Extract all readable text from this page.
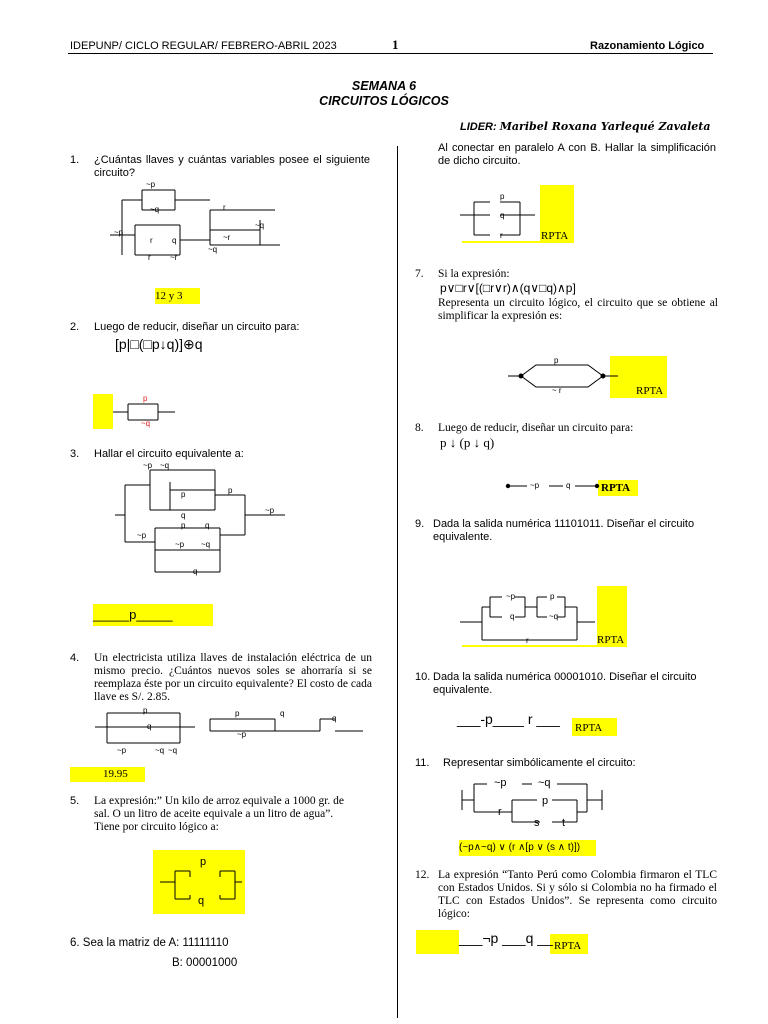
IDEPUNP/ CICLO REGULAR/ FEBRERO-ABRIL 2023	1	Razonamiento Lógico
SEMANA 6
CIRCUITOS LÓGICOS
LIDER: Maribel Roxana Yarlequé Zavaleta
1. ¿Cuántas llaves y cuántas variables posee el siguiente circuito?
~p
~q	r
~q
~p
r q	~r
r ~r
~q
12 y 3
2. Luego de reducir, diseñar un circuito para:
[p|□(□p↓q)]⊕q
p
~q
3. Hallar el circuito equivalente a:
~p ~q
p
q
p
~p
~p
p q
~p ~q
q
_____p_____
4. Un electricista utiliza llaves de instalación eléctrica de un mismo precio. ¿Cuántos nuevos soles se ahorraría si se reemplaza éste por un circuito equivalente? El costo de cada llave es S/. 2.85.
p
q
~q
~p	~q
p	q
~p
q
19.95
5. La expresión:” Un kilo de arroz equivale a 1000 gr. de
sal. O un litro de aceite equivale a un litro de agua”.
Tiene por circuito lógico a:
p
q
6. Sea la matriz de A: 11111110
B: 00001000
Al conectar en paralelo A con B. Hallar la simplificación de dicho circuito.
p
q
r	RPTA
7. Si la expresión:
p∨□r∨[(□r∨r)∧(q∨□q)∧p]
Representa un circuito lógico, el circuito que se obtiene al simplificar la expresión es:
p
~ r	RPTA
8. Luego de reducir, diseñar un circuito para:
p ↓ (p ↓ q)
~p	q	RPTA
9. Dada la salida numérica 11101011. Diseñar el circuito equivalente.
~p	p
q	~q
r	RPTA
10. Dada la salida numérica 00001010. Diseñar el circuito equivalente.
___-p____ r ___
RPTA
11. Representar simbólicamente el circuito:
~p	~q
r
p
s t
(~p∧~q) ∨ (r ∧[p ∨ (s ∧ t)])
12. La expresión “Tanto Perú como Colombia firmaron el TLC con Estados Unidos. Si y sólo si Colombia no ha firmado el TLC con Estados Unidos”. Se representa como circuito lógico:
___¬p ___q __ RPTA
